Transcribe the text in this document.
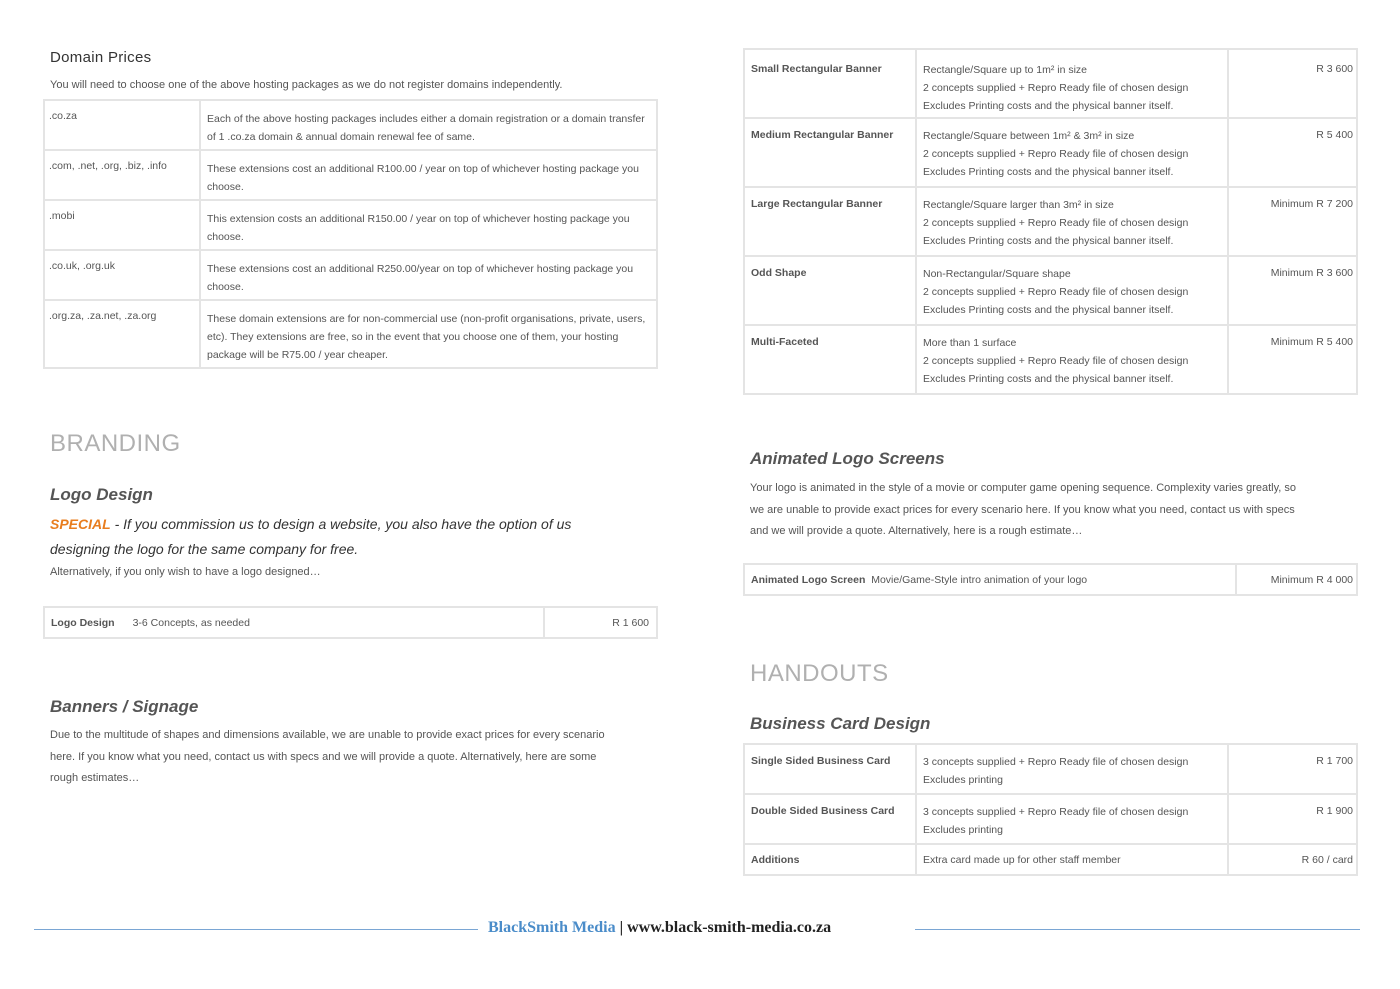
Domain Prices
You will need to choose one of the above hosting packages as we do not register domains independently.
.co.za	Each of the above hosting packages includes either a domain registration or a domain transfer
of 1 .co.za domain & annual domain renewal fee of same.

.com, .net, .org, .biz, .info	These extensions cost an additional R100.00 / year on top of whichever hosting package you
choose.

.mobi	This extension costs an additional R150.00 / year on top of whichever hosting package you
choose.

.co.uk, .org.uk	These extensions cost an additional R250.00/year on top of whichever hosting package you
choose.

.org.za, .za.net, .za.org	These domain extensions are for non-commercial use (non-profit organisations, private, users,
etc). They extensions are free, so in the event that you choose one of them, your hosting
package will be R75.00 / year cheaper.
BRANDING
Logo Design
SPECIAL - If you commission us to design a website, you also have the option of us
designing the logo for the same company for free.
Alternatively, if you only wish to have a logo designed…
Logo Design 3-6 Concepts, as needed	R 1 600
Banners / Signage
Due to the multitude of shapes and dimensions available, we are unable to provide exact prices for every scenario
here. If you know what you need, contact us with specs and we will provide a quote. Alternatively, here are some
rough estimates…
Small Rectangular Banner	Rectangle/Square up to 1m² in size
2 concepts supplied + Repro Ready file of chosen design
Excludes Printing costs and the physical banner itself.	R 3 600
Medium Rectangular Banner	Rectangle/Square between 1m² & 3m² in size
2 concepts supplied + Repro Ready file of chosen design
Excludes Printing costs and the physical banner itself.	R 5 400
Large Rectangular Banner	Rectangle/Square larger than 3m² in size
2 concepts supplied + Repro Ready file of chosen design
Excludes Printing costs and the physical banner itself.	Minimum R 7 200
Odd Shape	Non-Rectangular/Square shape
2 concepts supplied + Repro Ready file of chosen design
Excludes Printing costs and the physical banner itself.	Minimum R 3 600
Multi-Faceted	More than 1 surface
2 concepts supplied + Repro Ready file of chosen design
Excludes Printing costs and the physical banner itself.	Minimum R 5 400
Animated Logo Screens
Your logo is animated in the style of a movie or computer game opening sequence. Complexity varies greatly, so
we are unable to provide exact prices for every scenario here. If you know what you need, contact us with specs
and we will provide a quote. Alternatively, here is a rough estimate…
Animated Logo Screen Movie/Game-Style intro animation of your logo	Minimum R 4 000
HANDOUTS
Business Card Design
Single Sided Business Card	3 concepts supplied + Repro Ready file of chosen design
Excludes printing	R 1 700
Double Sided Business Card	3 concepts supplied + Repro Ready file of chosen design
Excludes printing	R 1 900
Additions	Extra card made up for other staff member	R 60 / card
BlackSmith Media | www.black-smith-media.co.za
